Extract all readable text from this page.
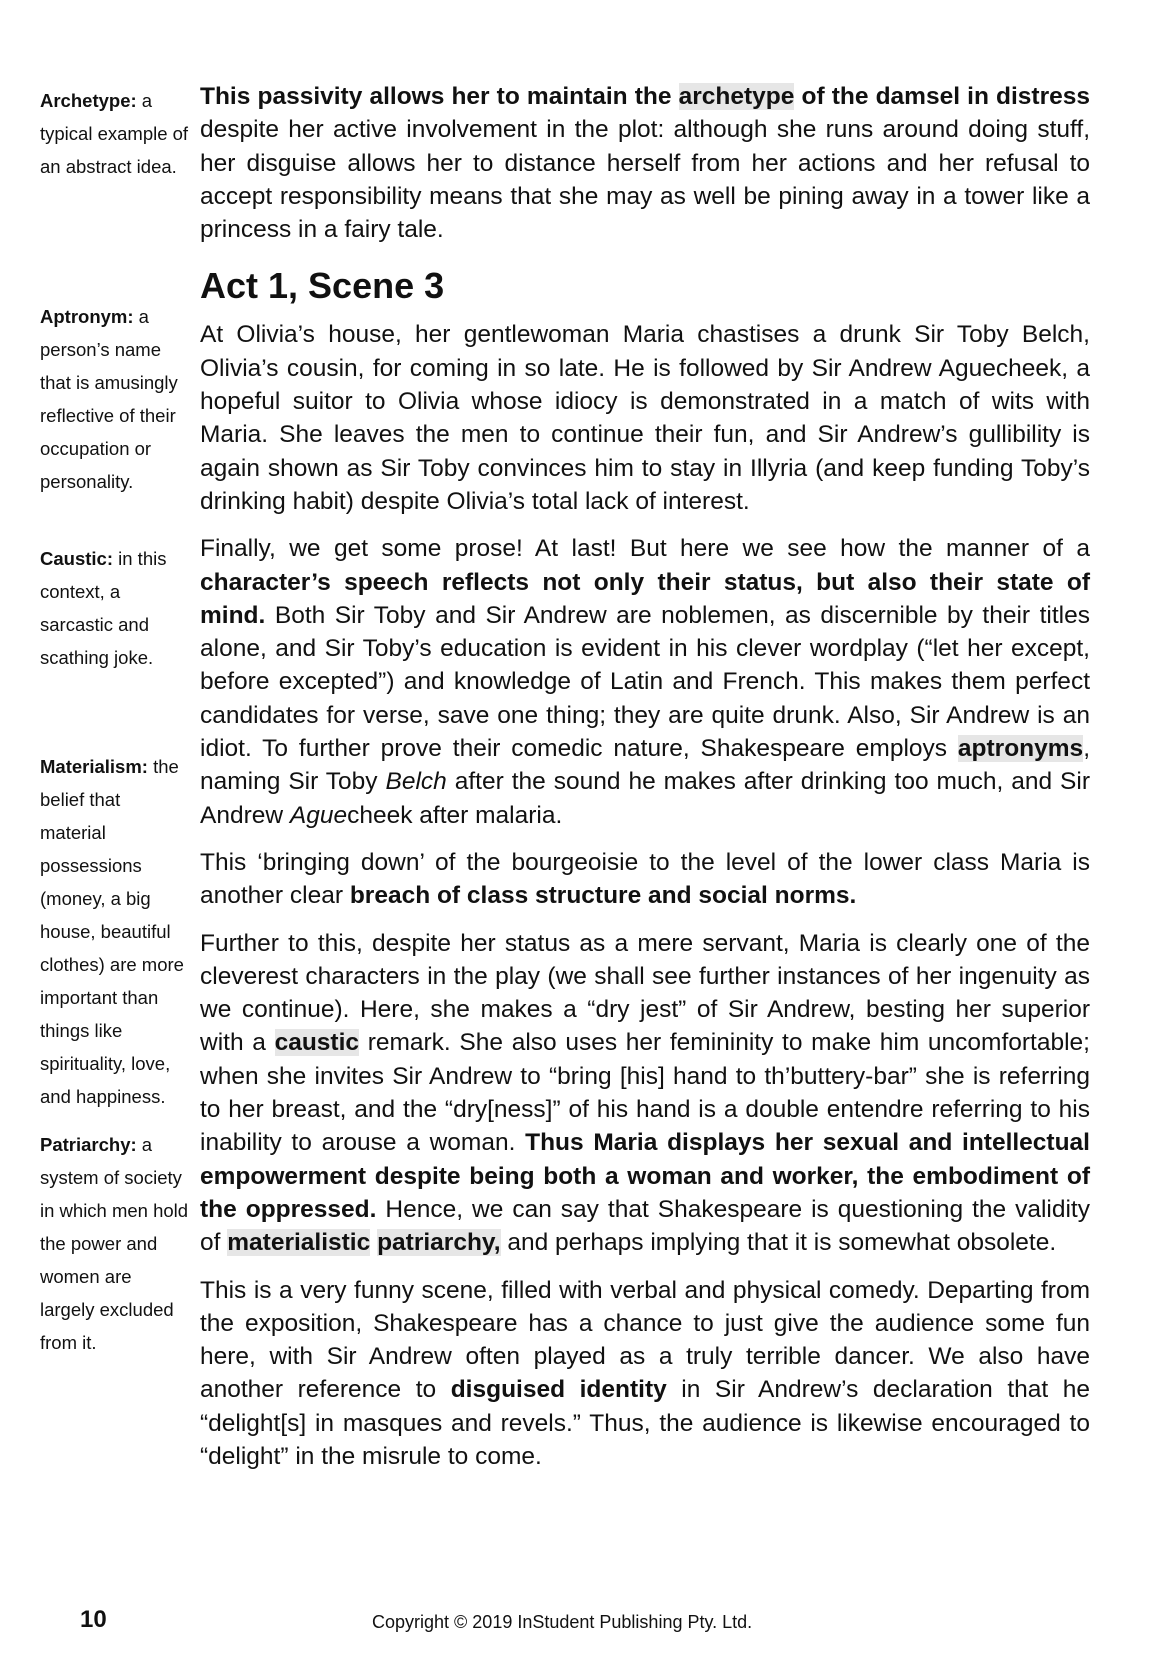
Archetype: a typical example of an abstract idea.

Aptronym: a person’s name that is amusingly reflective of their occupation or personality.

Caustic: in this context, a sarcastic and scathing joke.

Materialism: the belief that material possessions (money, a big house, beautiful clothes) are more important than things like spirituality, love, and happiness.

Patriarchy: a system of society in which men hold the power and women are largely excluded from it.

This passivity allows her to maintain the archetype of the damsel in distress despite her active involvement in the plot: although she runs around doing stuff, her disguise allows her to distance herself from her actions and her refusal to accept responsibility means that she may as well be pining away in a tower like a princess in a fairy tale.

Act 1, Scene 3

At Olivia’s house, her gentlewoman Maria chastises a drunk Sir Toby Belch, Olivia’s cousin, for coming in so late. He is followed by Sir Andrew Aguecheek, a hopeful suitor to Olivia whose idiocy is demonstrated in a match of wits with Maria. She leaves the men to continue their fun, and Sir Andrew’s gullibility is again shown as Sir Toby convinces him to stay in Illyria (and keep funding Toby’s drinking habit) despite Olivia’s total lack of interest.

Finally, we get some prose! At last! But here we see how the manner of a character’s speech reflects not only their status, but also their state of mind. Both Sir Toby and Sir Andrew are noblemen, as discernible by their titles alone, and Sir Toby’s education is evident in his clever wordplay (“let her except, before excepted”) and knowledge of Latin and French. This makes them perfect candidates for verse, save one thing; they are quite drunk. Also, Sir Andrew is an idiot. To further prove their comedic nature, Shakespeare employs aptronyms, naming Sir Toby Belch after the sound he makes after drinking too much, and Sir Andrew Aguecheek after malaria.

This ‘bringing down’ of the bourgeoisie to the level of the lower class Maria is another clear breach of class structure and social norms.

Further to this, despite her status as a mere servant, Maria is clearly one of the cleverest characters in the play (we shall see further instances of her ingenuity as we continue). Here, she makes a “dry jest” of Sir Andrew, besting her superior with a caustic remark. She also uses her femininity to make him uncomfortable; when she invites Sir Andrew to “bring [his] hand to th’buttery-bar” she is referring to her breast, and the “dry[ness]” of his hand is a double entendre referring to his inability to arouse a woman. Thus Maria displays her sexual and intellectual empowerment despite being both a woman and worker, the embodiment of the oppressed. Hence, we can say that Shakespeare is questioning the validity of materialistic patriarchy, and perhaps implying that it is somewhat obsolete.

This is a very funny scene, filled with verbal and physical comedy. Departing from the exposition, Shakespeare has a chance to just give the audience some fun here, with Sir Andrew often played as a truly terrible dancer. We also have another reference to disguised identity in Sir Andrew’s declaration that he “delight[s] in masques and revels.” Thus, the audience is likewise encouraged to “delight” in the misrule to come.

10	Copyright © 2019 InStudent Publishing Pty. Ltd.
